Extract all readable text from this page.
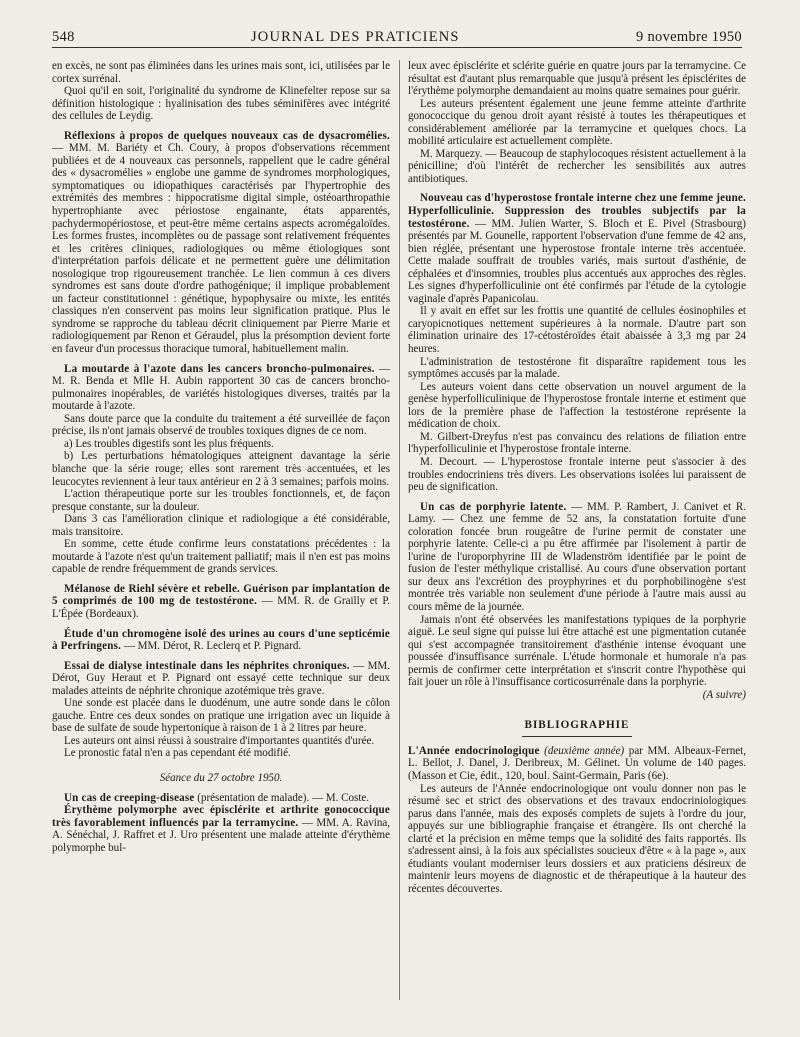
548	JOURNAL DES PRATICIENS	9 novembre 1950

en excès, ne sont pas éliminées dans les urines mais sont, ici, utilisées par le cortex surrénal.

Quoi qu'il en soit, l'originalité du syndrome de Klinefelter repose sur sa définition histologique : hyalinisation des tubes séminifères avec intégrité des cellules de Leydig.

Réflexions à propos de quelques nouveaux cas de dysacromélies. — MM. M. Bariéty et Ch. Coury, à propos d'observations récemment publiées et de 4 nouveaux cas personnels, rappellent que le cadre général des « dysacromélies » englobe une gamme de syndromes morphologiques, symptomatiques ou idiopathiques caractérisés par l'hypertrophie des extrémités des membres : hippocratisme digital simple, ostéoarthropathie hypertrophiante avec périostose engainante, états apparentés, pachydermopériostose, et peut-être même certains aspects acromégaloïdes. Les formes frustes, incomplètes ou de passage sont relativement fréquentes et les critères cliniques, radiologiques ou même étiologiques sont d'interprétation parfois délicate et ne permettent guère une délimitation nosologique trop rigoureusement tranchée. Le lien commun à ces divers syndromes est sans doute d'ordre pathogénique; il implique probablement un facteur constitutionnel : génétique, hypophysaire ou mixte, les entités classiques n'en conservent pas moins leur signification pratique. Plus le syndrome se rapproche du tableau décrit cliniquement par Pierre Marie et radiologiquement par Renon et Géraudel, plus la présomption devient forte en faveur d'un processus thoracique tumoral, habituellement malin.

La moutarde à l'azote dans les cancers broncho-pulmonaires. — M. R. Benda et Mlle H. Aubin rapportent 30 cas de cancers broncho-pulmonaires inopérables, de variétés histologiques diverses, traités par la moutarde à l'azote.

Sans doute parce que la conduite du traitement a été surveillée de façon précise, ils n'ont jamais observé de troubles toxiques dignes de ce nom.

a) Les troubles digestifs sont les plus fréquents.

b) Les perturbations hématologiques atteignent davantage la série blanche que la série rouge; elles sont rarement très accentuées, et les leucocytes reviennent à leur taux antérieur en 2 à 3 semaines; parfois moins.

L'action thérapeutique porte sur les troubles fonctionnels, et, de façon presque constante, sur la douleur.

Dans 3 cas l'amélioration clinique et radiologique a été considérable, mais transitoire.

En somme, cette étude confirme leurs constatations précédentes : la moutarde à l'azote n'est qu'un traitement palliatif; mais il n'en est pas moins capable de rendre fréquemment de grands services.

Mélanose de Riehl sévère et rebelle. Guérison par implantation de 5 comprimés de 100 mg de testostérone. — MM. R. de Grailly et P. L'Épée (Bordeaux).

Étude d'un chromogène isolé des urines au cours d'une septicémie à Perfringens. — MM. Dérot, R. Leclerq et P. Pignard.

Essai de dialyse intestinale dans les néphrites chroniques. — MM. Dérot, Guy Heraut et P. Pignard ont essayé cette technique sur deux malades atteints de néphrite chronique azotémique très grave.

Une sonde est placée dans le duodénum, une autre sonde dans le côlon gauche. Entre ces deux sondes on pratique une irrigation avec un liquide à base de sulfate de soude hypertonique à raison de 1 à 2 litres par heure.

Les auteurs ont ainsi réussi à soustraire d'importantes quantités d'urée.

Le pronostic fatal n'en a pas cependant été modifié.

Séance du 27 octobre 1950.

Un cas de creeping-disease (présentation de malade). — M. Coste.

Érythème polymorphe avec épisclérite et arthrite gonococcique très favorablement influencés par la terramycine. — MM. A. Ravina, A. Sénéchal, J. Raffret et J. Uro présentent une malade atteinte d'érythème polymorphe bul-

leux avec épisclérite et sclérite guérie en quatre jours par la terramycine. Ce résultat est d'autant plus remarquable que jusqu'à présent les épisclérites de l'érythème polymorphe demandaient au moins quatre semaines pour guérir.

Les auteurs présentent également une jeune femme atteinte d'arthrite gonococcique du genou droit ayant résisté à toutes les thérapeutiques et considérablement améliorée par la terramycine et quelques chocs. La mobilité articulaire est actuellement complète.

M. Marquezy. — Beaucoup de staphylocoques résistent actuellement à la pénicilline; d'où l'intérêt de rechercher les sensibilités aux autres antibiotiques.

Nouveau cas d'hyperostose frontale interne chez une femme jeune. Hyperfolliculinie. Suppression des troubles subjectifs par la testostérone. — MM. Julien Warter, S. Bloch et E. Pivel (Strasbourg) présentés par M. Gounelle, rapportent l'observation d'une femme de 42 ans, bien réglée, présentant une hyperostose frontale interne très accentuée. Cette malade souffrait de troubles variés, mais surtout d'asthénie, de céphalées et d'insomnies, troubles plus accentués aux approches des règles. Les signes d'hyperfolliculinie ont été confirmés par l'étude de la cytologie vaginale d'après Papanicolau.

Il y avait en effet sur les frottis une quantité de cellules éosinophiles et caryopicnotiques nettement supérieures à la normale. D'autre part son élimination urinaire des 17-cétostéroïdes était abaissée à 3,3 mg par 24 heures.

L'administration de testostérone fit disparaître rapidement tous les symptômes accusés par la malade.

Les auteurs voient dans cette observation un nouvel argument de la genèse hyperfolliculinique de l'hyperostose frontale interne et estiment que lors de la première phase de l'affection la testostérone représente la médication de choix.

M. Gilbert-Dreyfus n'est pas convaincu des relations de filiation entre l'hyperfolliculinie et l'hyperostose frontale interne.

M. Decourt. — L'hyperostose frontale interne peut s'associer à des troubles endocriniens très divers. Les observations isolées lui paraissent de peu de signification.

Un cas de porphyrie latente. — MM. P. Rambert, J. Canivet et R. Lamy. — Chez une femme de 52 ans, la constatation fortuite d'une coloration foncée brun rougeâtre de l'urine permit de constater une porphyrie latente. Celle-ci a pu être affirmée par l'isolement à partir de l'urine de l'uroporphyrine III de Wladenström identifiée par le point de fusion de l'ester méthylique cristallisé. Au cours d'une observation portant sur deux ans l'excrétion des proyphyrines et du porphobilinogène s'est montrée très variable non seulement d'une période à l'autre mais aussi au cours même de la journée.

Jamais n'ont été observées les manifestations typiques de la porphyrie aiguë. Le seul signe qui puisse lui être attaché est une pigmentation cutanée qui s'est accompagnée transitoirement d'asthénie intense évoquant une poussée d'insuffisance surrénale. L'étude hormonale et humorale n'a pas permis de confirmer cette interprétation et s'inscrit contre l'hypothèse qui fait jouer un rôle à l'insuffisance corticosurrénale dans la porphyrie.

(A suivre)

BIBLIOGRAPHIE

L'Année endocrinologique (deuxième année) par MM. Albeaux-Fernet, L. Bellot, J. Danel, J. Deribreux, M. Gélinet. Un volume de 140 pages. (Masson et Cie, édit., 120, boul. Saint-Germain, Paris (6e).

Les auteurs de l'Année endocrinologique ont voulu donner non pas le résumé sec et strict des observations et des travaux endocriniologiques parus dans l'année, mais des exposés complets de sujets à l'ordre du jour, appuyés sur une bibliographie française et étrangère. Ils ont cherché la clarté et la précision en même temps que la solidité des faits rapportés. Ils s'adressent ainsi, à la fois aux spécialistes soucieux d'être « à la page », aux étudiants voulant moderniser leurs dossiers et aux praticiens désireux de maintenir leurs moyens de diagnostic et de thérapeutique à la hauteur des récentes découvertes.
